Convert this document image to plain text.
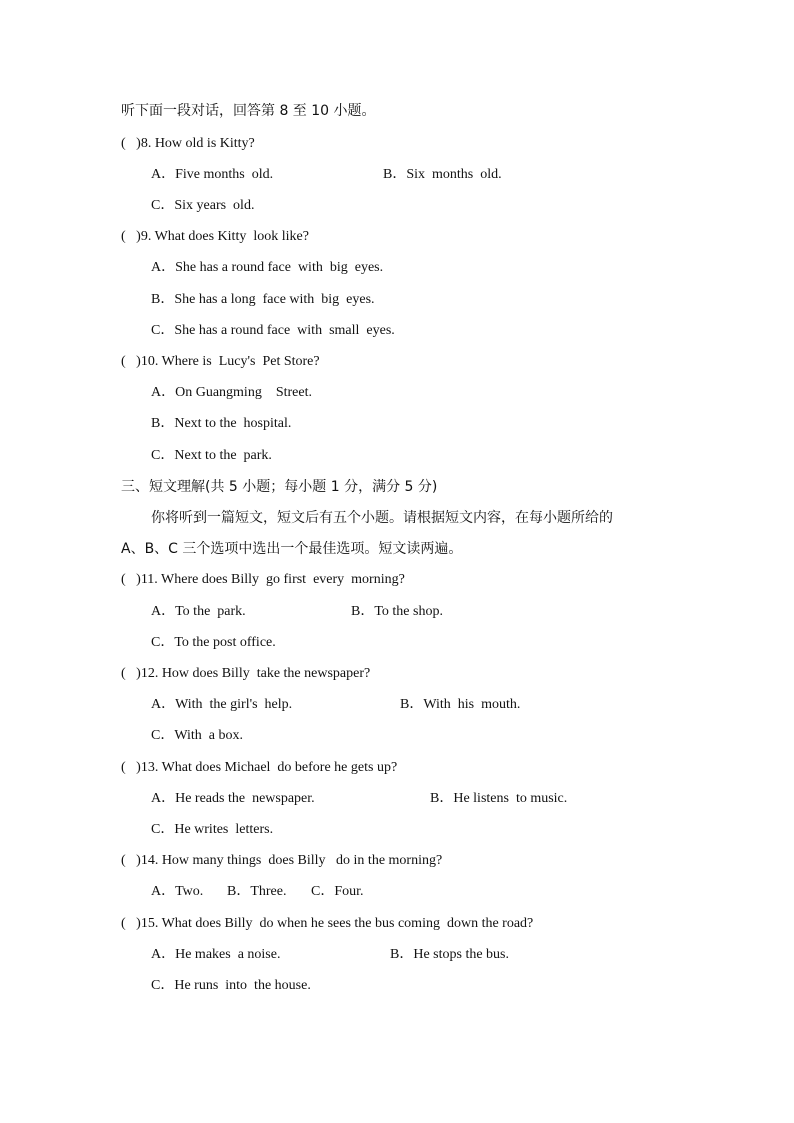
听下面一段对话，回答第 8 至 10 小题。
(   )8. How old is Kitty?
A．Five months  old.	B．Six  months  old.
C．Six years  old.
(   )9. What does Kitty  look like?
A．She has a round face  with  big  eyes.
B．She has a long  face with  big  eyes.
C．She has a round face  with  small  eyes.
(   )10. Where is  Lucy's  Pet Store?
A．On Guangming    Street.
B．Next to the  hospital.
C．Next to the  park.
三、短文理解(共 5 小题；每小题 1 分，满分 5 分)
你将听到一篇短文，短文后有五个小题。请根据短文内容，在每小题所给的
A、B、C 三个选项中选出一个最佳选项。短文读两遍。
(   )11. Where does Billy  go first  every  morning?
A．To the  park.	B．To the shop.
C．To the post office.
(   )12. How does Billy  take the newspaper?
A．With  the girl's  help.	B．With  his  mouth.
C．With  a box.
(   )13. What does Michael  do before he gets up?
A．He reads the  newspaper.	B．He listens  to music.
C．He writes  letters.
(   )14. How many things  does Billy   do in the morning?
A．Two. B．Three. C．Four.
(   )15. What does Billy  do when he sees the bus coming  down the road?
A．He makes  a noise.	B．He stops the bus.
C．He runs  into  the house.
